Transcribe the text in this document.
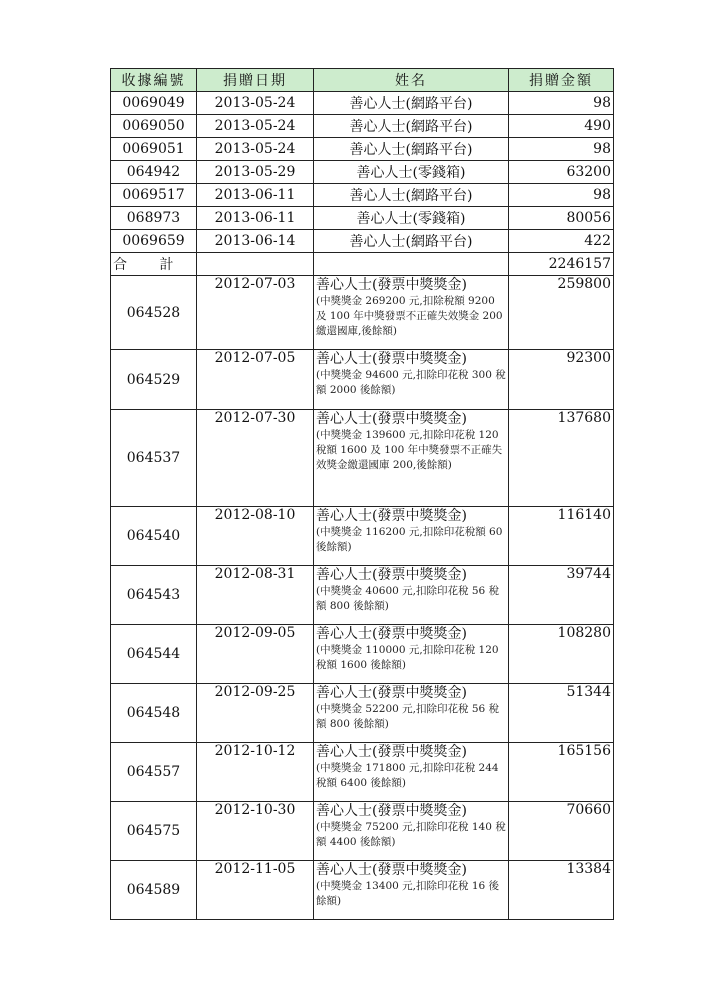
收據編號	捐贈日期	姓名	捐贈金額
0069049	2013-05-24	善心人士(網路平台)	98
0069050	2013-05-24	善心人士(網路平台)	490
0069051	2013-05-24	善心人士(網路平台)	98
064942	2013-05-29	善心人士(零錢箱)	63200
0069517	2013-06-11	善心人士(網路平台)	98
068973	2013-06-11	善心人士(零錢箱)	80056
0069659	2013-06-14	善心人士(網路平台)	422
合 計			2246157
064528	2012-07-03	善心人士(發票中獎獎金)
(中獎獎金 269200 元,扣除稅額 9200 及 100 年中獎發票不正確失效獎金 200 繳還國庫,後餘額)	259800
064529	2012-07-05	善心人士(發票中獎獎金)
(中獎獎金 94600 元,扣除印花稅 300 稅額 2000 後餘額)	92300
064537	2012-07-30	善心人士(發票中獎獎金)
(中獎獎金 139600 元,扣除印花稅 120 稅額 1600 及 100 年中獎發票不正確失效獎金繳還國庫 200,後餘額)	137680
064540	2012-08-10	善心人士(發票中獎獎金)
(中獎獎金 116200 元,扣除印花稅額 60 後餘額)	116140
064543	2012-08-31	善心人士(發票中獎獎金)
(中獎獎金 40600 元,扣除印花稅 56 稅額 800 後餘額)	39744
064544	2012-09-05	善心人士(發票中獎獎金)
(中獎獎金 110000 元,扣除印花稅 120 稅額 1600 後餘額)	108280
064548	2012-09-25	善心人士(發票中獎獎金)
(中獎獎金 52200 元,扣除印花稅 56 稅額 800 後餘額)	51344
064557	2012-10-12	善心人士(發票中獎獎金)
(中獎獎金 171800 元,扣除印花稅 244 稅額 6400 後餘額)	165156
064575	2012-10-30	善心人士(發票中獎獎金)
(中獎獎金 75200 元,扣除印花稅 140 稅額 4400 後餘額)	70660
064589	2012-11-05	善心人士(發票中獎獎金)
(中獎獎金 13400 元,扣除印花稅 16 後餘額)	13384
